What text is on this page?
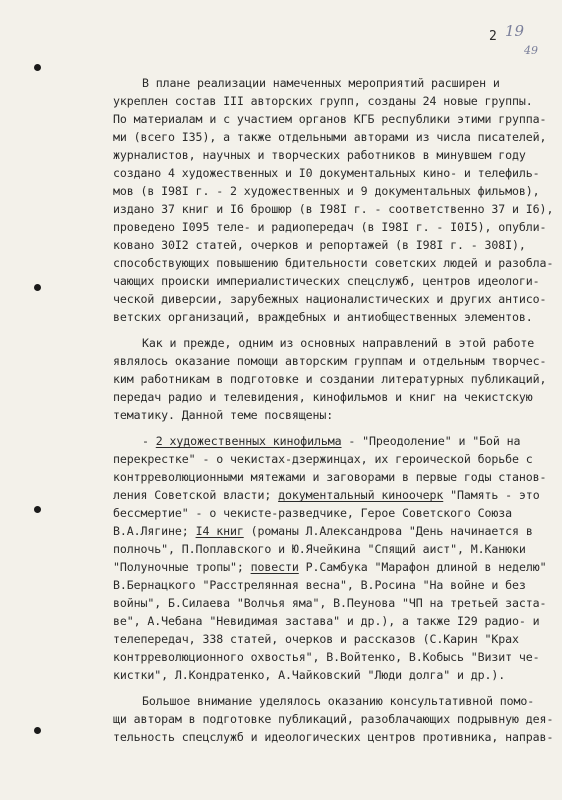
2 19
49
В плане реализации намеченных мероприятий расширен и
укреплен состав III авторских групп, созданы 24 новые группы.
По материалам и с участием органов КГБ республики этими группа-
ми (всего I35), а также отдельными авторами из числа писателей,
журналистов, научных и творческих работников в минувшем году
создано 4 художественных и I0 документальных кино- и телефиль-
мов (в I98I г. - 2 художественных и 9 документальных фильмов),
издано 37 книг и I6 брошюр (в I98I г. - соответственно 37 и I6),
проведено I095 теле- и радиопередач (в I98I г. - I0I5), опубли-
ковано 30I2 статей, очерков и репортажей (в I98I г. - 308I),
способствующих повышению бдительности советских людей и разобла-
чающих происки империалистических спецслужб, центров идеологи-
ческой диверсии, зарубежных националистических и других антисо-
ветских организаций, враждебных и антиобщественных элементов.
Как и прежде, одним из основных направлений в этой работе
являлось оказание помощи авторским группам и отдельным творчес-
ким работникам в подготовке и создании литературных публикаций,
передач радио и телевидения, кинофильмов и книг на чекистскую
тематику. Данной теме посвящены:
- 2 художественных кинофильма - "Преодоление" и "Бой на
перекрестке" - о чекистах-дзержинцах, их героической борьбе с
контрреволюционными мятежами и заговорами в первые годы станов-
ления Советской власти; документальный киноочерк "Память - это
бессмертие" - о чекисте-разведчике, Герое Советского Союза
В.А.Лягине; I4 книг (романы Л.Александрова "День начинается в
полночь", П.Поплавского и Ю.Ячейкина "Спящий аист", М.Канюки
"Полуночные тропы"; повести Р.Самбука "Марафон длиной в неделю"
В.Бернацкого "Расстрелянная весна", В.Росина "На войне и без
войны", Б.Силаева "Волчья яма", В.Пеунова "ЧП на третьей заста-
ве", А.Чебана "Невидимая застава" и др.), а также I29 радио- и
телепередач, 338 статей, очерков и рассказов (С.Карин "Крах
контрреволюционного охвостья", В.Войтенко, В.Кобысь "Визит че-
кистки", Л.Кондратенко, А.Чайковский "Люди долга" и др.).
Большое внимание уделялось оказанию консультативной помо-
щи авторам в подготовке публикаций, разоблачающих подрывную дея-
тельность спецслужб и идеологических центров противника, направ-
